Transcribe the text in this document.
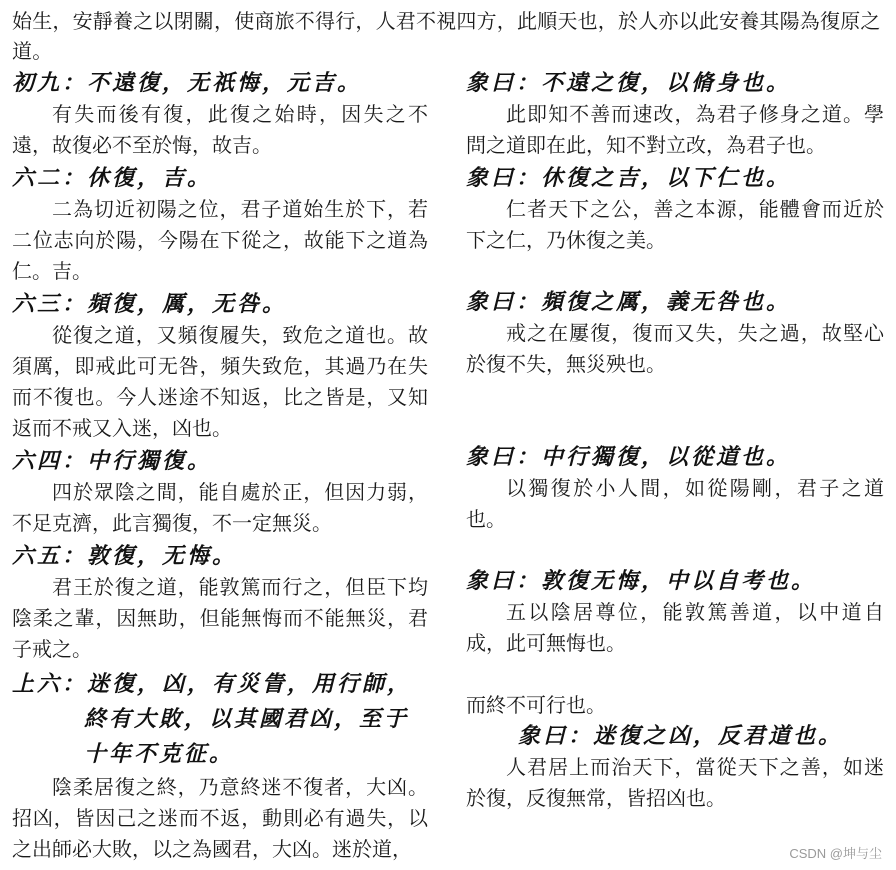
始生，安靜養之以閉關，使商旅不得行，人君不視四方，此順天也，於人亦以此安養其陽為復原之道。

初九：不遠復，无祇悔，元吉。

有失而後有復，此復之始時，因失之不遠，故復必不至於悔，故吉。

六二：休復，吉。

二為切近初陽之位，君子道始生於下，若二位志向於陽，今陽在下從之，故能下之道為仁。吉。

六三：頻復，厲，无咎。

從復之道，又頻復履失，致危之道也。故須厲，即戒此可无咎，頻失致危，其過乃在失而不復也。今人迷途不知返，比之皆是，又知返而不戒又入迷，凶也。

六四：中行獨復。

四於眾陰之間，能自處於正，但因力弱，不足克濟，此言獨復，不一定無災。

六五：敦復，无悔。

君王於復之道，能敦篤而行之，但臣下均陰柔之輩，因無助，但能無悔而不能無災，君子戒之。

上六：迷復，凶，有災眚，用行師，終有大敗，以其國君凶，至于十年不克征。

陰柔居復之終，乃意終迷不復者，大凶。招凶，皆因己之迷而不返，動則必有過失，以之出師必大敗，以之為國君，大凶。迷於道，

象曰：不遠之復，以脩身也。

此即知不善而速改，為君子修身之道。學問之道即在此，知不對立改，為君子也。

象曰：休復之吉，以下仁也。

仁者天下之公，善之本源，能體會而近於下之仁，乃休復之美。

象曰：頻復之厲，義无咎也。

戒之在屢復，復而又失，失之過，故堅心於復不失，無災殃也。

象曰：中行獨復，以從道也。

以獨復於小人間，如從陽剛，君子之道也。

象曰：敦復无悔，中以自考也。

五以陰居尊位，能敦篤善道，以中道自成，此可無悔也。

而終不可行也。

象曰：迷復之凶，反君道也。

人君居上而治天下，當從天下之善，如迷於復，反復無常，皆招凶也。

CSDN @坤与尘
